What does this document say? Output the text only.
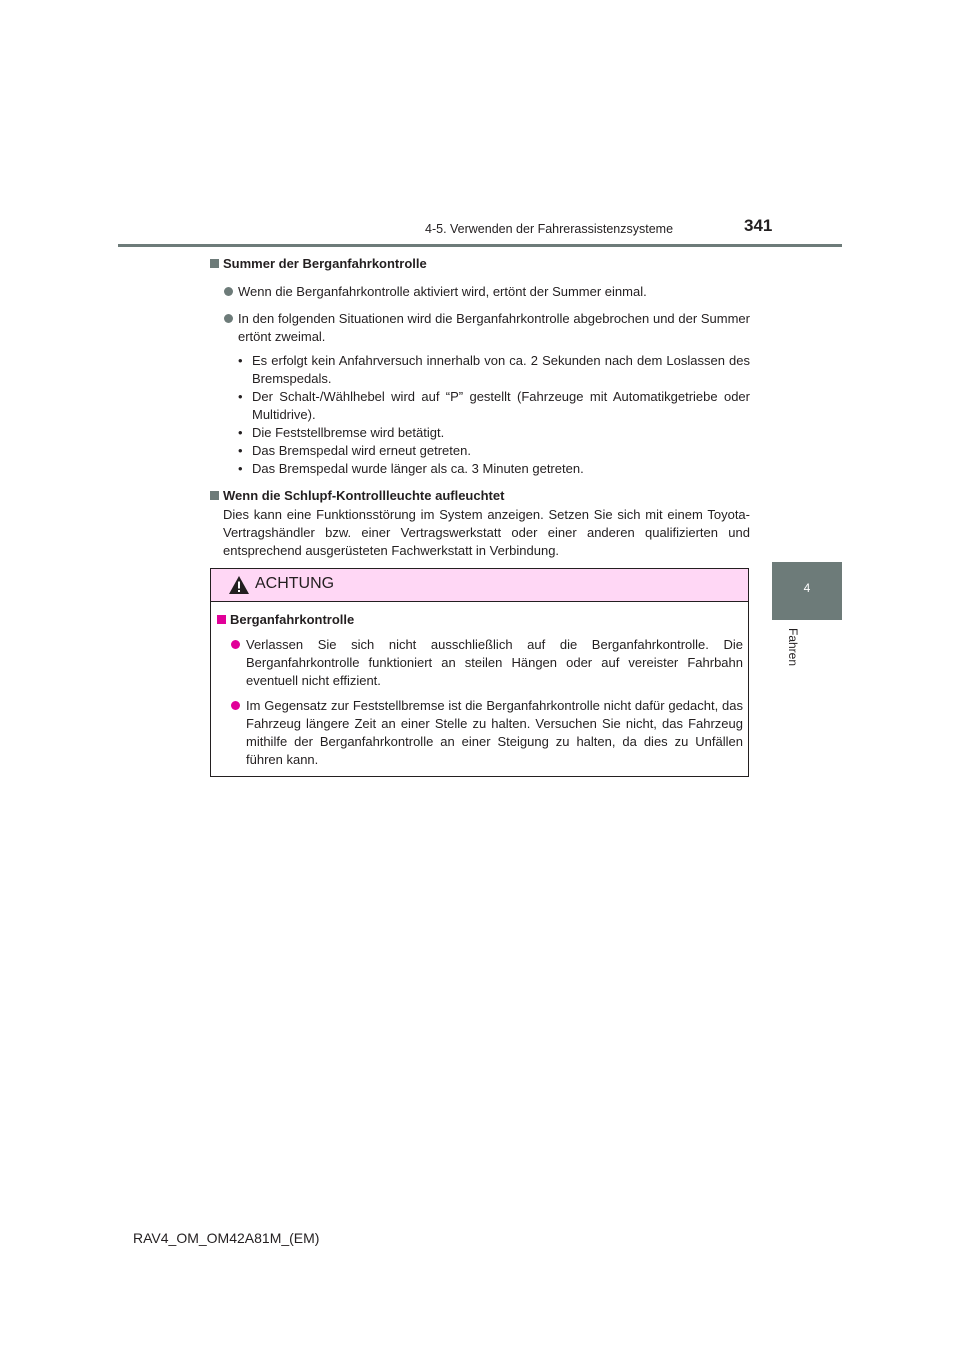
4-5. Verwenden der Fahrerassistenzsysteme	341
4
Fahren
Summer der Berganfahrkontrolle
Wenn die Berganfahrkontrolle aktiviert wird, ertönt der Summer einmal.
In den folgenden Situationen wird die Berganfahrkontrolle abgebrochen und der Summer ertönt zweimal.
• Es erfolgt kein Anfahrversuch innerhalb von ca. 2 Sekunden nach dem Loslassen des Bremspedals.
• Der Schalt-/Wählhebel wird auf “P” gestellt (Fahrzeuge mit Automatikgetriebe oder Multidrive).
• Die Feststellbremse wird betätigt.
• Das Bremspedal wird erneut getreten.
• Das Bremspedal wurde länger als ca. 3 Minuten getreten.
Wenn die Schlupf-Kontrollleuchte aufleuchtet
Dies kann eine Funktionsstörung im System anzeigen. Setzen Sie sich mit einem Toyota-Vertragshändler bzw. einer Vertragswerkstatt oder einer anderen qualifizierten und entsprechend ausgerüsteten Fachwerkstatt in Verbindung.
ACHTUNG
Berganfahrkontrolle
Verlassen Sie sich nicht ausschließlich auf die Berganfahrkontrolle. Die Berganfahrkontrolle funktioniert an steilen Hängen oder auf vereister Fahrbahn eventuell nicht effizient.
Im Gegensatz zur Feststellbremse ist die Berganfahrkontrolle nicht dafür gedacht, das Fahrzeug längere Zeit an einer Stelle zu halten. Versuchen Sie nicht, das Fahrzeug mithilfe der Berganfahrkontrolle an einer Steigung zu halten, da dies zu Unfällen führen kann.
RAV4_OM_OM42A81M_(EM)
